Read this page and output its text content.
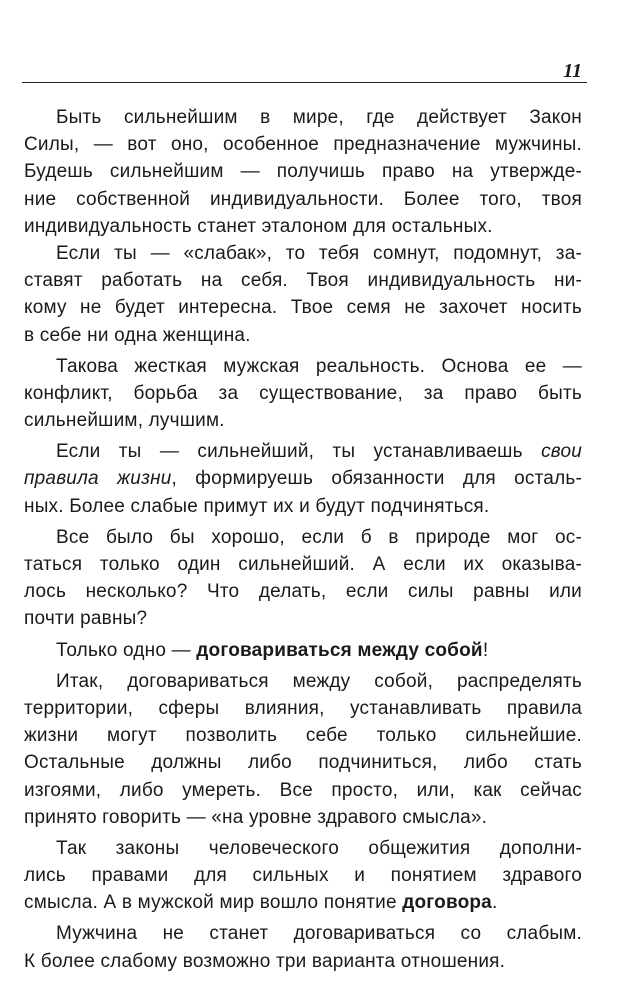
11
Быть сильнейшим в мире, где действует Закон
Силы, — вот оно, особенное предназначение мужчины.
Будешь сильнейшим — получишь право на утвержде-
ние собственной индивидуальности. Более того, твоя
индивидуальность станет эталоном для остальных.
Если ты — «слабак», то тебя сомнут, подомнут, за-
ставят работать на себя. Твоя индивидуальность ни-
кому не будет интересна. Твое семя не захочет носить
в себе ни одна женщина.
Такова жесткая мужская реальность. Основа ее —
конфликт, борьба за существование, за право быть
сильнейшим, лучшим.
Если ты — сильнейший, ты устанавливаешь свои
правила жизни, формируешь обязанности для осталь-
ных. Более слабые примут их и будут подчиняться.
Все было бы хорошо, если б в природе мог ос-
таться только один сильнейший. А если их оказыва-
лось несколько? Что делать, если силы равны или
почти равны?
Только одно — договариваться между собой!
Итак, договариваться между собой, распределять
территории, сферы влияния, устанавливать правила
жизни могут позволить себе только сильнейшие.
Остальные должны либо подчиниться, либо стать
изгоями, либо умереть. Все просто, или, как сейчас
принято говорить — «на уровне здравого смысла».
Так законы человеческого общежития дополни-
лись правами для сильных и понятием здравого
смысла. А в мужской мир вошло понятие договора.
Мужчина не станет договариваться со слабым.
К более слабому возможно три варианта отношения.
